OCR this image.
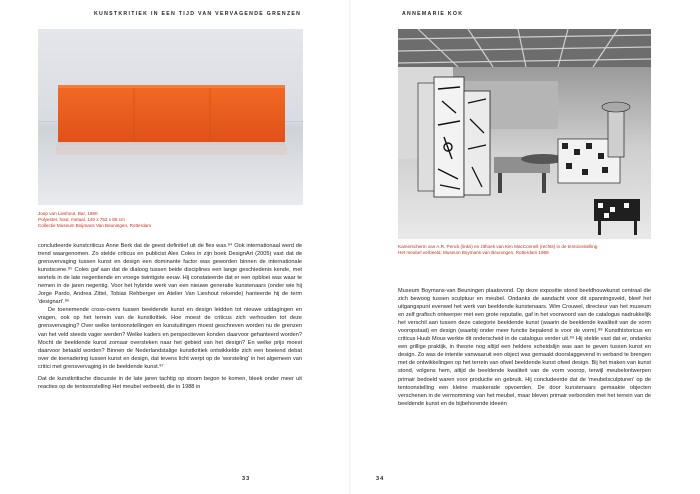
KUNSTKRITIEK IN EEN TIJD VAN VERVAGENDE GRENZEN
Joep van Lieshout, Bar, 1990
Polyester, hout, metaal, 149 x 752 x 85 cm
Collectie Museum Boijmans Van Beuningen, Rotterdam

concludeerde kunstcriticus Anne Berk dat de geest definitief uit de fles was.⁸⁴ Ook internationaal werd de trend waargenomen. Zo stelde criticus en publicist Alex Coles in zijn boek DesignArt (2005) vast dat de grensvervaging tussen kunst en design een dominante factor was geworden binnen de internationale kunstscene.⁸⁵ Coles gaf aan dat de dialoog tussen beide disciplines een lange geschiedenis kende, met wortels in de late negentiende en vroege twintigste eeuw. Hij constateerde dat er een opbloei was waar te nemen in de jaren negentig. Voor het hybride werk van een nieuwe generatie kunstenaars (onder wie hij Jorge Pardo, Andrea Zittel, Tobias Rehberger en Atelier Van Lieshout rekende) hanteerde hij de term 'designart'.⁸⁶

De toenemende cross-overs tussen beeldende kunst en design leidden tot nieuwe uitdagingen en vragen, ook op het terrein van de kunstkritiek. Hoe moest de criticus zich verhouden tot deze grensvervaging? Over welke tentoonstellingen en kunstuitingen moest geschreven worden nu de grenzen van het veld steeds vager werden? Welke kaders en perspectieven konden daarvoor gehanteerd worden? Mocht de beeldende kunst zomaar oversteken naar het gebied van het design? En welke prijs moest daarvoor betaald worden? Binnen de Nederlandstalige kunstkritiek ontwikkelde zich een boeiend debat over de toenadering tussen kunst en design, dat tevens licht werpt op de 'worsteling' in het algemeen van critici met grensvervaging in de beeldende kunst.⁸⁷

Dat de kunstkritische discussie in de late jaren tachtig op stoom begon te komen, bleek onder meer uit reacties op de tentoonstelling Het meubel verbeeld, die in 1988 in

33
ANNEMARIE KOK
Kamerscherm van A.R. Penck (links) en zithoek van Kim MacConnell (rechts) in de tentoonstelling
Het meubel verbeeld, Museum Boymans-van Beuningen, Rotterdam 1988

Museum Boymans-van Beuningen plaatsvond. Op deze expositie stond beeldhouwkunst centraal die zich bewoog tussen sculptuur en meubel. Ondanks de aandacht voor dit spanningsveld, bleef het uitgangspunt evenwel het werk van beeldende kunstenaars. Wim Crouwel, directeur van het museum en zelf grafisch ontwerper met een grote reputatie, gaf in het voorwoord van de catalogus nadrukkelijk het verschil aan tussen deze categorie beeldende kunst (waarin de beeldende kwaliteit van de vorm vooropstaat) en design (waarbij onder meer functie bepalend is voor de vorm).⁸⁸ Kunsthistoricus en criticus Huub Mous werkte dit onderscheid in de catalogus verder uit.⁸⁹ Hij stelde vast dat er, ondanks een grillige praktijk, in theorie nog altijd een heldere scheidslijn was aan te geven tussen kunst en design. Zo was de intentie vanwaaruit een object was gemaakt doorslaggevend in verband te brengen met de ontwikkelingen op het terrein van ofwel beeldende kunst ofwel design. Bij het maken van kunst stond, volgens hem, altijd de beeldende kwaliteit van de vorm voorop, terwijl meubelontwerpen primair bedoeld waren voor productie en gebruik. Hij concludeerde dat de 'meubelsculpturen' op de tentoonstelling een kleine maskerade opvoerden. De door kunstenaars gemaakte objecten verschenen in de vermomming van het meubel, maar bleven primair verbonden met het terrein van de beeldende kunst en de bijbehorende ideeën

34
